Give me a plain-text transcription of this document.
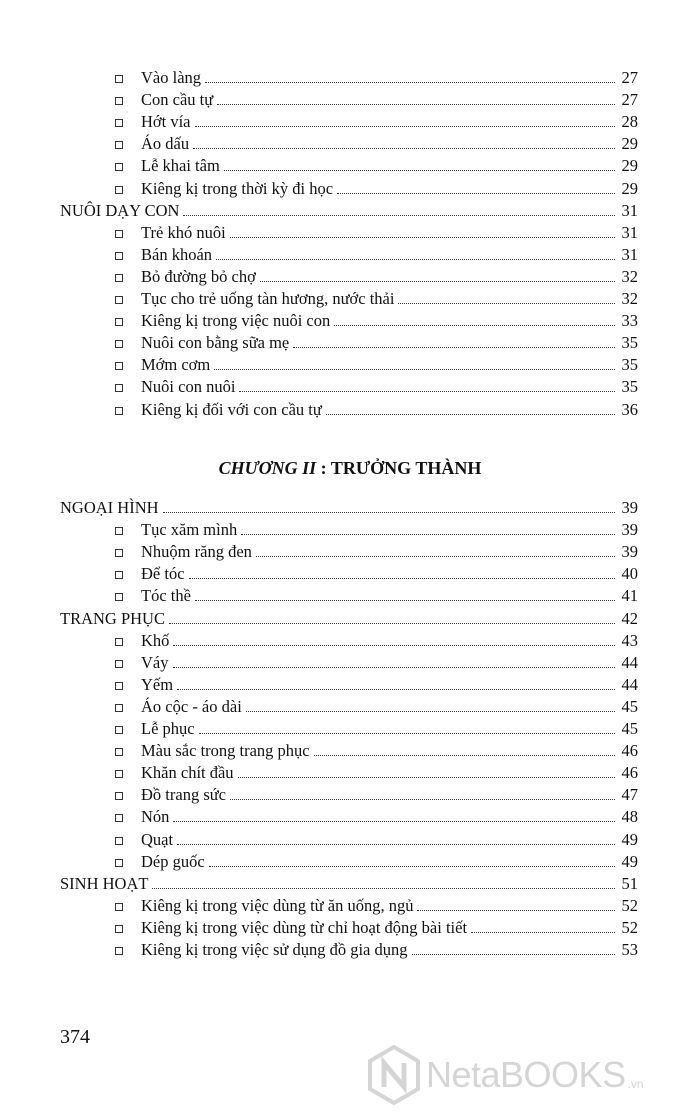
Vào làng	27
Con cầu tự	27
Hớt vía	28
Áo dấu	29
Lễ khai tâm	29
Kiêng kị trong thời kỳ đi học	29
NUÔI DẠY CON	31
Trẻ khó nuôi	31
Bán khoán	31
Bỏ đường bỏ chợ	32
Tục cho trẻ uống tàn hương, nước thải	32
Kiêng kị trong việc nuôi con	33
Nuôi con bằng sữa mẹ	35
Mớm cơm	35
Nuôi con nuôi	35
Kiêng kị đối với con cầu tự	36
NGOẠI HÌNH	39
Tục xăm mình	39
Nhuộm răng đen	39
Để tóc	40
Tóc thề	41
TRANG PHỤC	42
Khố	43
Váy	44
Yếm	44
Áo cộc - áo dài	45
Lễ phục	45
Màu sắc trong trang phục	46
Khăn chít đầu	46
Đồ trang sức	47
Nón	48
Quạt	49
Dép guốc	49
SINH HOẠT	51
Kiêng kị trong việc dùng từ ăn uống, ngủ	52
Kiêng kị trong việc dùng từ chỉ hoạt động bài tiết	52
Kiêng kị trong việc sử dụng đồ gia dụng	53
CHƯƠNG II : TRƯỞNG THÀNH
374
NetaBOOKS .vn
